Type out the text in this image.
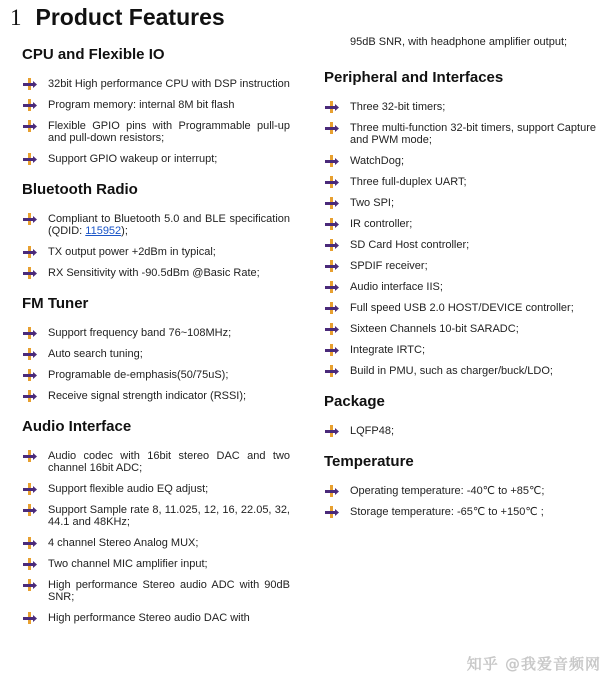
1 Product Features
CPU and Flexible IO
32bit High performance CPU with DSP instruction
Program memory: internal 8M bit flash
Flexible GPIO pins with Programmable pull-up and pull-down resistors;
Support GPIO wakeup or interrupt;
Bluetooth Radio
Compliant to Bluetooth 5.0 and BLE specification (QDID: 115952);
TX output power +2dBm in typical;
RX Sensitivity with -90.5dBm @Basic Rate;
FM Tuner
Support frequency band 76~108MHz;
Auto search tuning;
Programable de-emphasis(50/75uS);
Receive signal strength indicator (RSSI);
Audio Interface
Audio codec with 16bit stereo DAC and two channel 16bit ADC;
Support flexible audio EQ adjust;
Support Sample rate 8, 11.025, 12, 16, 22.05, 32, 44.1 and 48KHz;
4 channel Stereo Analog MUX;
Two channel MIC amplifier input;
High performance Stereo audio ADC with 90dB SNR;
High performance Stereo audio DAC with
95dB SNR, with headphone amplifier output;
Peripheral and Interfaces
Three 32-bit timers;
Three multi-function 32-bit timers, support Capture and PWM mode;
WatchDog;
Three full-duplex UART;
Two SPI;
IR controller;
SD Card Host controller;
SPDIF receiver;
Audio interface IIS;
Full speed USB 2.0 HOST/DEVICE controller;
Sixteen Channels 10-bit SARADC;
Integrate IRTC;
Build in PMU, such as charger/buck/LDO;
Package
LQFP48;
Temperature
Operating temperature: -40℃ to +85℃;
Storage temperature: -65℃ to +150℃ ;
知乎 @我爱音频网
